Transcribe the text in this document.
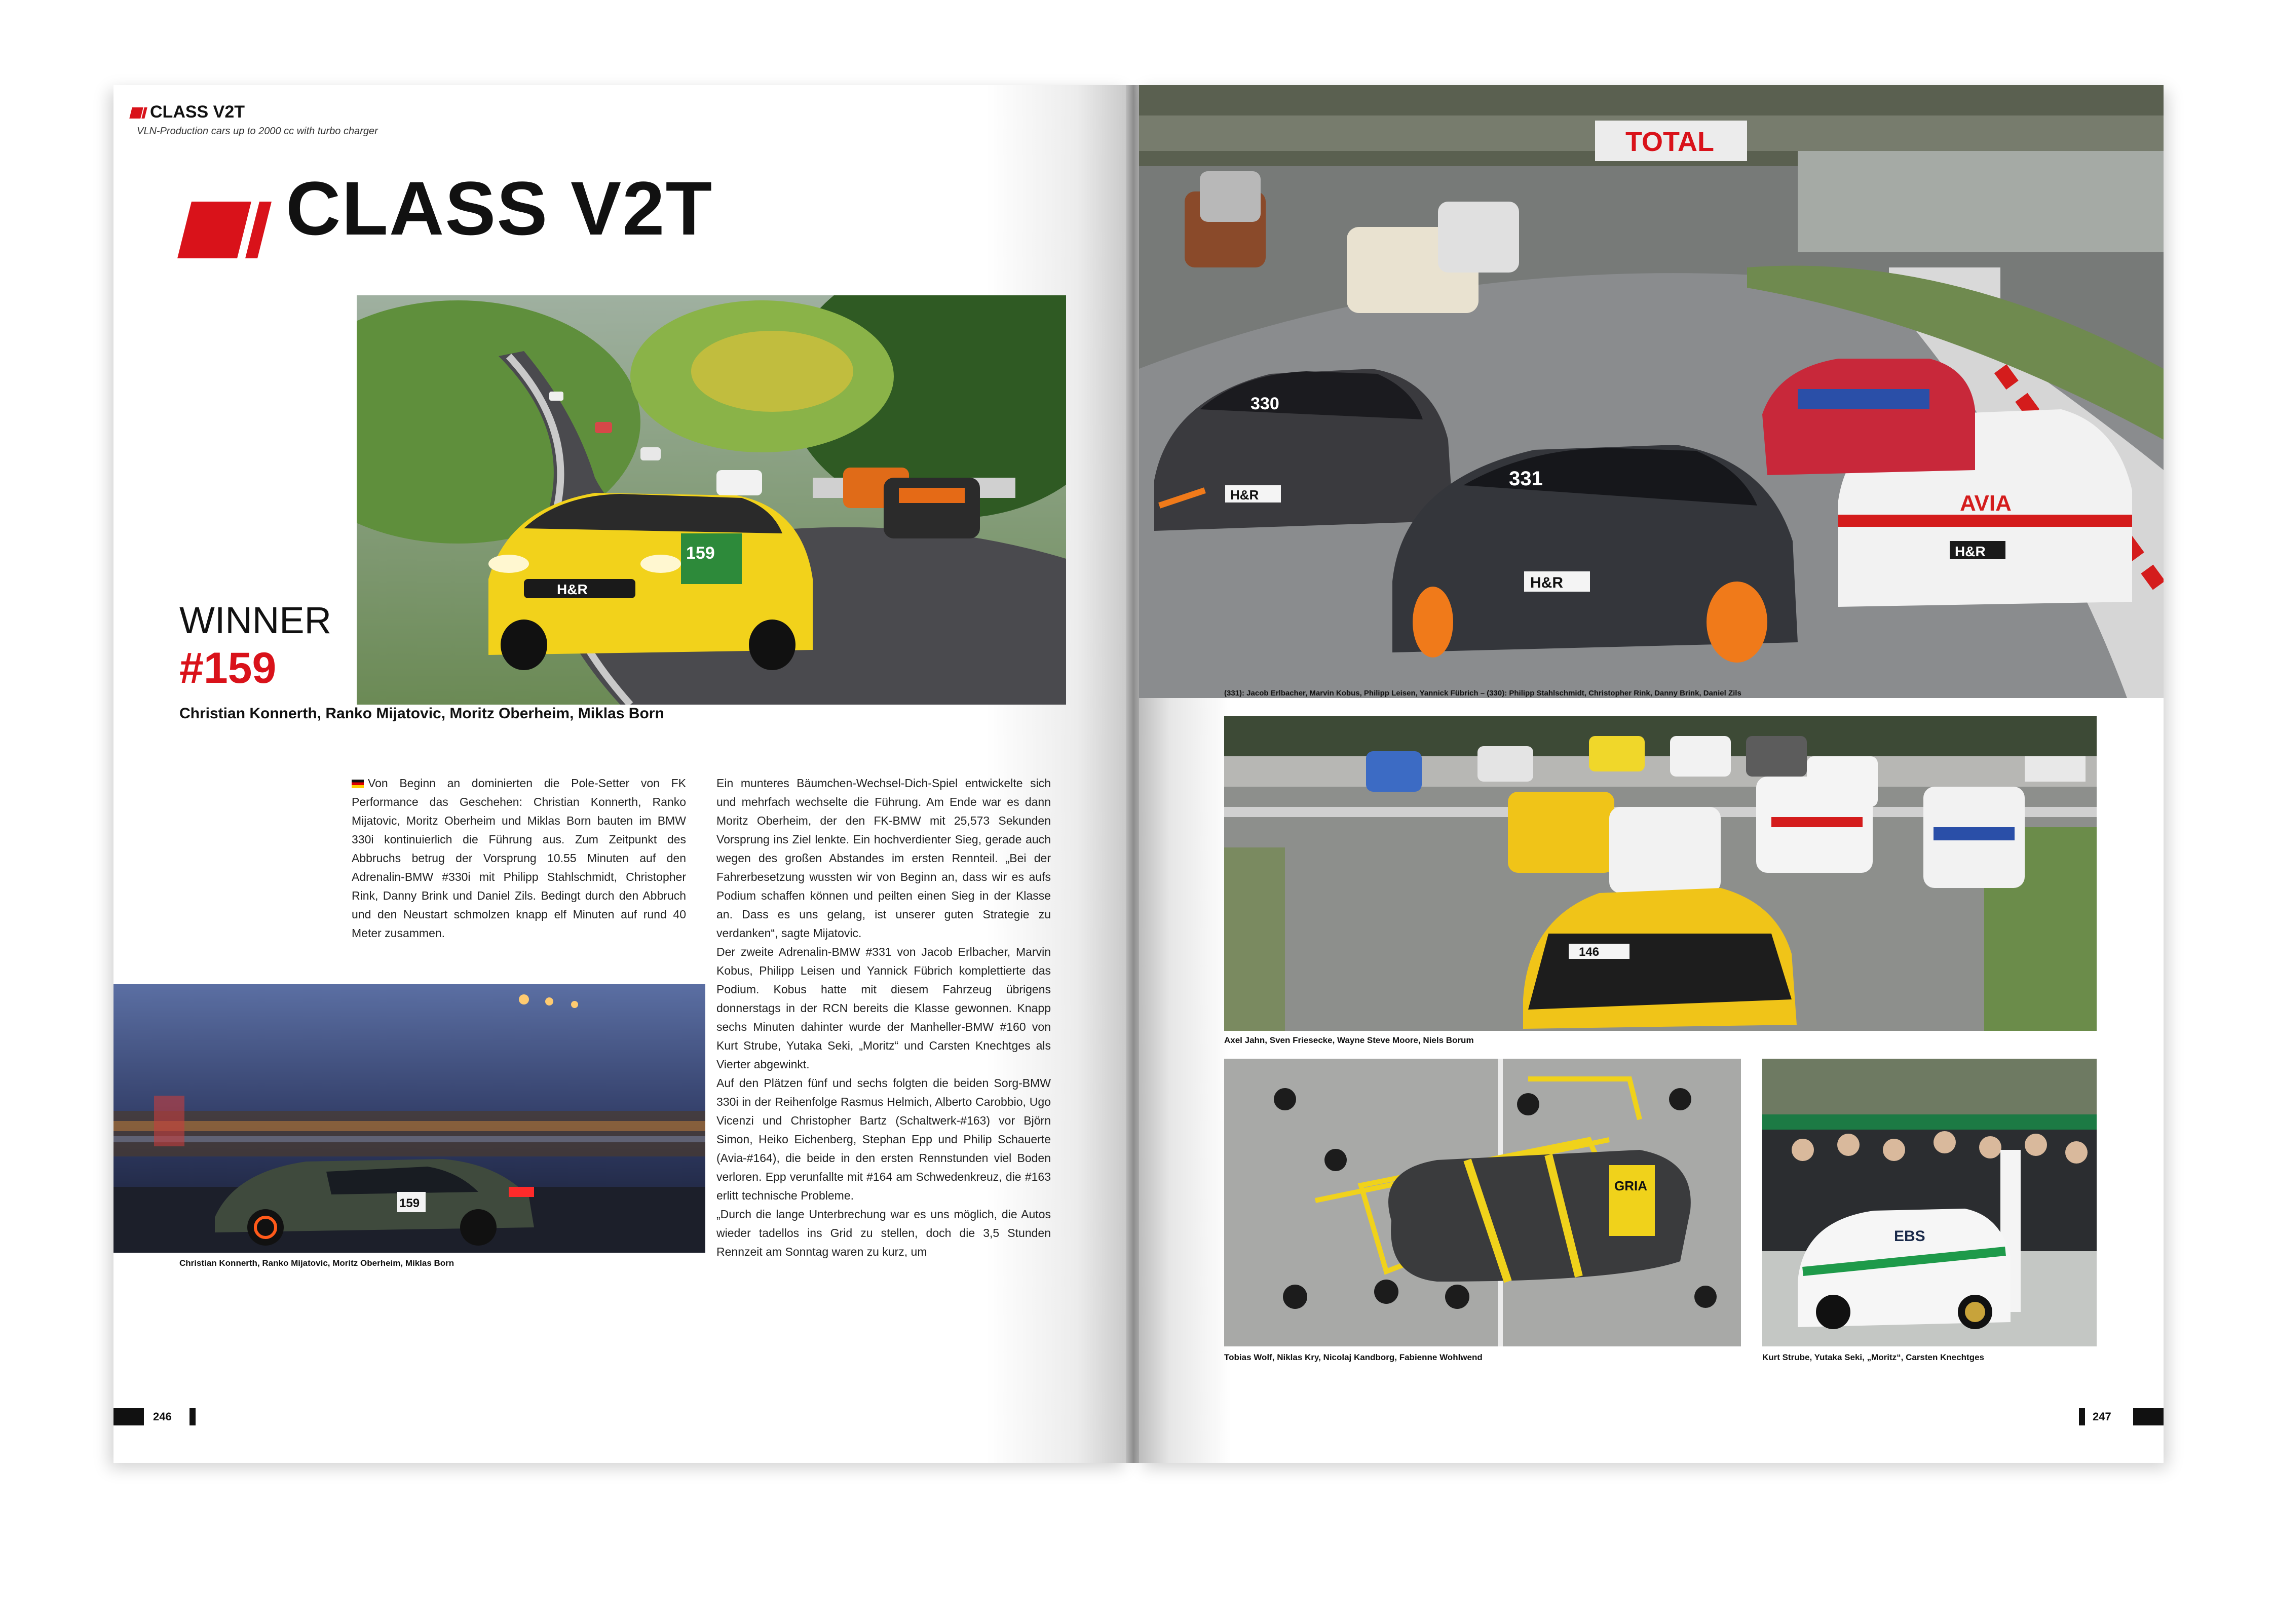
CLASS V2T
VLN-Production cars up to 2000 cc with turbo charger
CLASS V2T
H&R
159
WINNER
#159
Christian Konnerth, Ranko Mijatovic, Moritz Oberheim, Miklas Born
Von Beginn an dominierten die Pole-Setter von FK Performance das Geschehen: Christian Konnerth, Ranko Mijatovic, Moritz Oberheim und Miklas Born bauten im BMW 330i kontinuierlich die Führung aus. Zum Zeitpunkt des Abbruchs betrug der Vorsprung 10.55 Minuten auf den Adrenalin-BMW #330i mit Philipp Stahlschmidt, Christopher Rink, Danny Brink und Daniel Zils. Bedingt durch den Abbruch und den Neustart schmolzen knapp elf Minuten auf rund 40 Meter zusammen.
Ein munteres Bäumchen-Wechsel-Dich-Spiel entwickelte sich und mehrfach wechselte die Führung. Am Ende war es dann Moritz Oberheim, der den FK-BMW mit 25,573 Sekunden Vorsprung ins Ziel lenkte. Ein hochverdienter Sieg, gerade auch wegen des großen Abstandes im ersten Rennteil. „Bei der Fahrerbesetzung wussten wir von Beginn an, dass wir es aufs Podium schaffen können und peilten einen Sieg in der Klasse an. Dass es uns gelang, ist unserer guten Strategie zu verdanken“, sagte Mijatovic.
Der zweite Adrenalin-BMW #331 von Jacob Erlbacher, Marvin Kobus, Philipp Leisen und Yannick Fübrich komplettierte das Podium. Kobus hatte mit diesem Fahrzeug übrigens donnerstags in der RCN bereits die Klasse gewonnen. Knapp sechs Minuten dahinter wurde der Manheller-BMW #160 von Kurt Strube, Yutaka Seki, „Moritz“ und Carsten Knechtges als Vierter abgewinkt.
Auf den Plätzen fünf und sechs folgten die beiden Sorg-BMW 330i in der Reihenfolge Rasmus Helmich, Alberto Carobbio, Ugo Vicenzi und Christopher Bartz (Schaltwerk-#163) vor Björn Simon, Heiko Eichenberg, Stephan Epp und Philip Schauerte (Avia-#164), die beide in den ersten Rennstunden viel Boden verloren. Epp verunfallte mit #164 am Schwedenkreuz, die #163 erlitt technische Probleme.
„Durch die lange Unterbrechung war es uns möglich, die Autos wieder tadellos ins Grid zu stellen, doch die 3,5 Stunden Rennzeit am Sonntag waren zu kurz, um
159
Christian Konnerth, Ranko Mijatovic, Moritz Oberheim, Miklas Born
246
TOTAL
H&R
330
H&R
331
H&R
AVIA
(331): Jacob Erlbacher, Marvin Kobus, Philipp Leisen, Yannick Fübrich – (330): Philipp Stahlschmidt, Christopher Rink, Danny Brink, Daniel Zils
146
Axel Jahn, Sven Friesecke, Wayne Steve Moore, Niels Borum
GRIA
Tobias Wolf, Niklas Kry, Nicolaj Kandborg, Fabienne Wohlwend
EBS
Kurt Strube, Yutaka Seki, „Moritz“, Carsten Knechtges
247
